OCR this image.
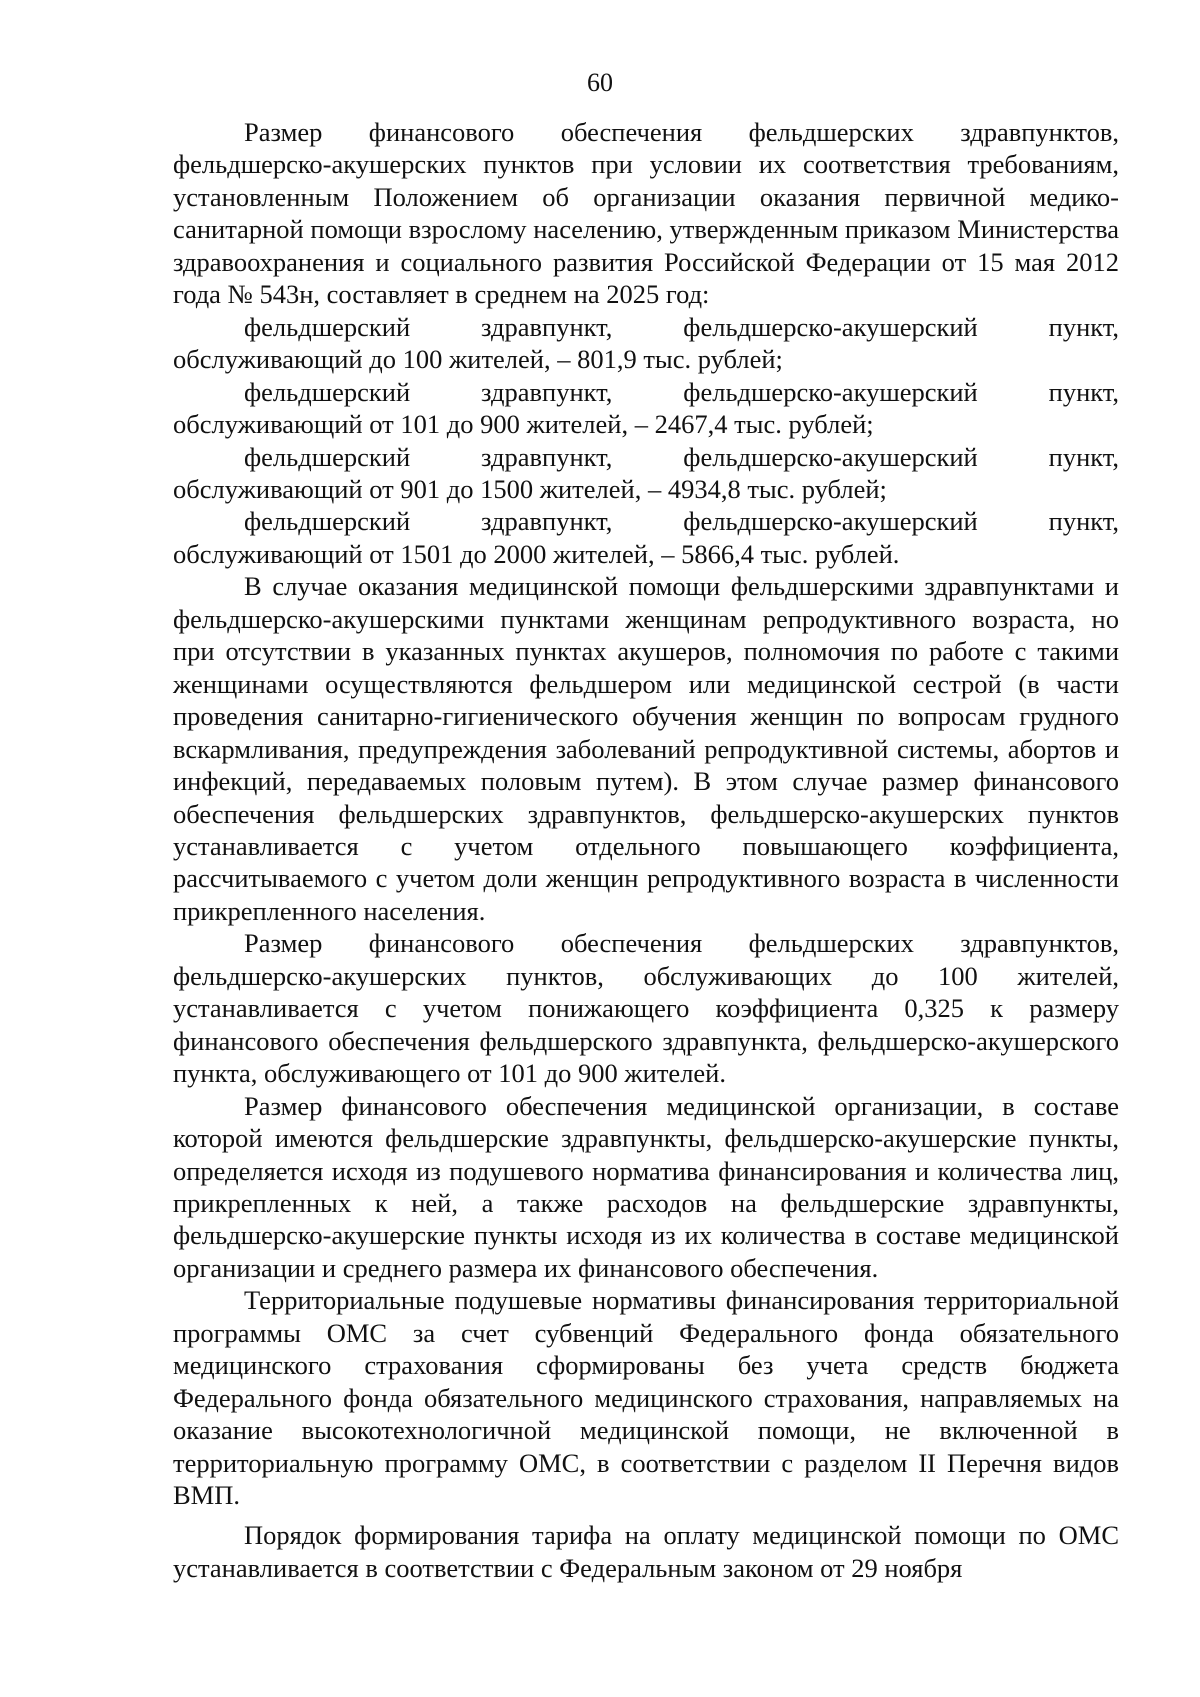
60

Размер финансового обеспечения фельдшерских здравпунктов, фельдшерско-акушерских пунктов при условии их соответствия требованиям, установленным Положением об организации оказания первичной медико-санитарной помощи взрослому населению, утвержденным приказом Министерства здравоохранения и социального развития Российской Федерации от 15 мая 2012 года № 543н, составляет в среднем на 2025 год:

фельдшерский здравпункт, фельдшерско-акушерский пункт, обслуживающий до 100 жителей, – 801,9 тыс. рублей;

фельдшерский здравпункт, фельдшерско-акушерский пункт, обслуживающий от 101 до 900 жителей, – 2467,4 тыс. рублей;

фельдшерский здравпункт, фельдшерско-акушерский пункт, обслуживающий от 901 до 1500 жителей, – 4934,8 тыс. рублей;

фельдшерский здравпункт, фельдшерско-акушерский пункт, обслуживающий от 1501 до 2000 жителей, – 5866,4 тыс. рублей.

В случае оказания медицинской помощи фельдшерскими здравпунктами и фельдшерско-акушерскими пунктами женщинам репродуктивного возраста, но при отсутствии в указанных пунктах акушеров, полномочия по работе с такими женщинами осуществляются фельдшером или медицинской сестрой (в части проведения санитарно-гигиенического обучения женщин по вопросам грудного вскармливания, предупреждения заболеваний репродуктивной системы, абортов и инфекций, передаваемых половым путем). В этом случае размер финансового обеспечения фельдшерских здравпунктов, фельдшерско-акушерских пунктов устанавливается с учетом отдельного повышающего коэффициента, рассчитываемого с учетом доли женщин репродуктивного возраста в численности прикрепленного населения.

Размер финансового обеспечения фельдшерских здравпунктов, фельдшерско-акушерских пунктов, обслуживающих до 100 жителей, устанавливается с учетом понижающего коэффициента 0,325 к размеру финансового обеспечения фельдшерского здравпункта, фельдшерско-акушерского пункта, обслуживающего от 101 до 900 жителей.

Размер финансового обеспечения медицинской организации, в составе которой имеются фельдшерские здравпункты, фельдшерско-акушерские пункты, определяется исходя из подушевого норматива финансирования и количества лиц, прикрепленных к ней, а также расходов на фельдшерские здравпункты, фельдшерско-акушерские пункты исходя из их количества в составе медицинской организации и среднего размера их финансового обеспечения.

Территориальные подушевые нормативы финансирования территориальной программы ОМС за счет субвенций Федерального фонда обязательного медицинского страхования сформированы без учета средств бюджета Федерального фонда обязательного медицинского страхования, направляемых на оказание высокотехнологичной медицинской помощи, не включенной в территориальную программу ОМС, в соответствии с разделом II Перечня видов ВМП.

Порядок формирования тарифа на оплату медицинской помощи по ОМС устанавливается в соответствии с Федеральным законом от 29 ноября
